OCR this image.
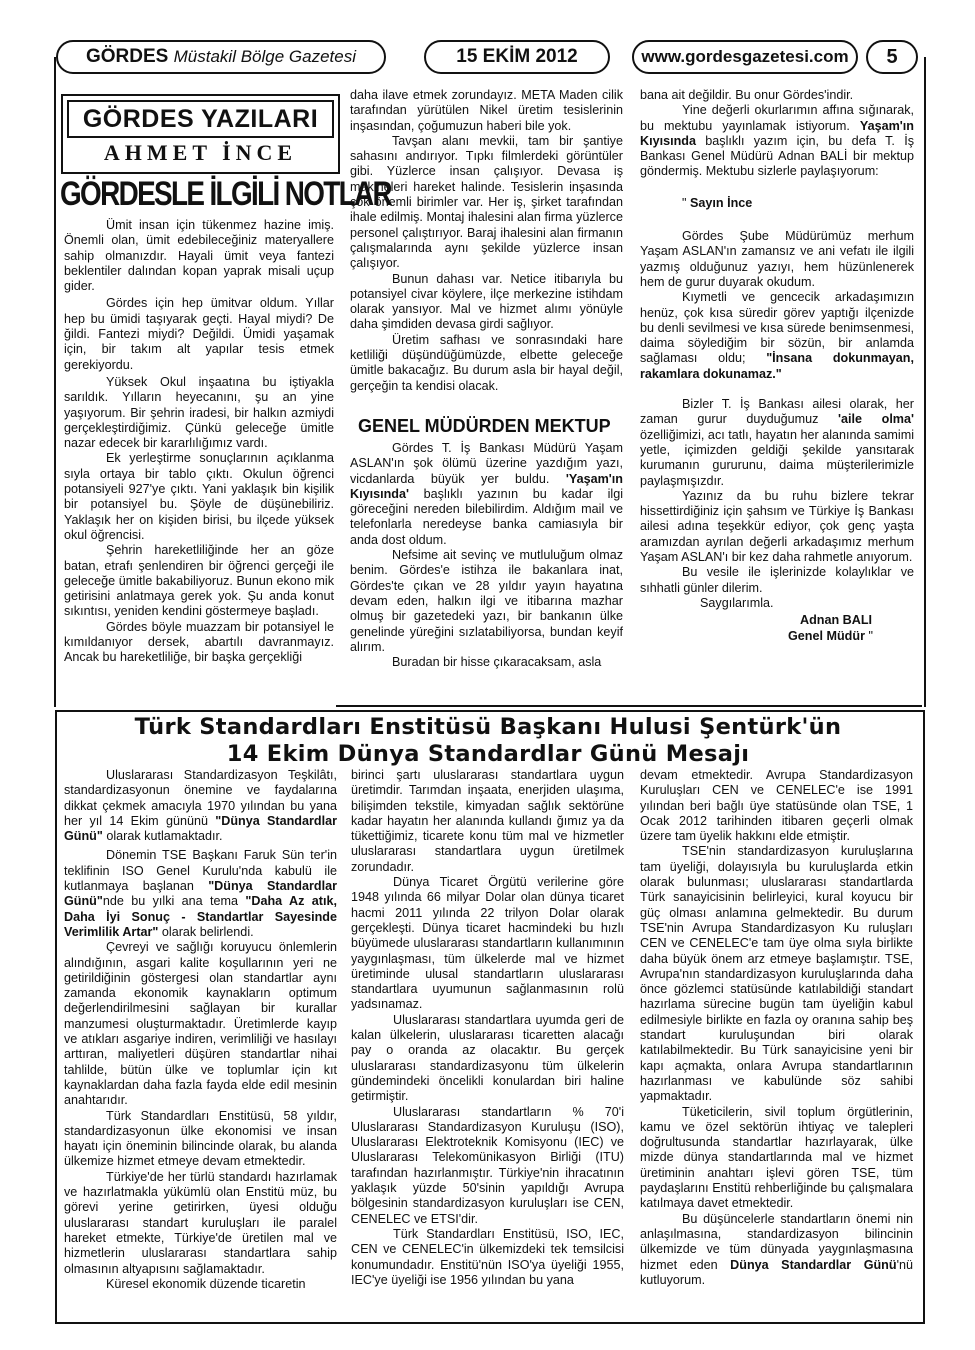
GÖRDES
Müstakil Bölge Gazetesi	15 EKİM 2012	www.gordesgazetesi.com 5
GÖRDES YAZILARI
AHMET İNCE
GÖRDESLE İLGİLİ NOTLAR

Ümit insan için tükenmez hazine imiş. Önemli olan, ümit edebileceğiniz materyallere sahip olmanızdır. Hayali ümit veya fantezi beklentiler dalından kopan yaprak misali uçup gider.

Gördes için hep ümitvar oldum. Yıllar hep bu ümidi taşıyarak geçti. Hayal miydi? De ğildi. Fantezi miydi? Değildi. Ümidi yaşamak için, bir takım alt yapılar tesis etmek gerekiyordu.

Yüksek Okul inşaatına bu iştiyakla sarıldık. Yılların heyecanını, şu an yine yaşıyorum. Bir şehrin iradesi, bir halkın azmiydi gerçekleştirdiğimiz. Çünkü geleceğe ümitle nazar edecek bir kararlılığımız vardı.

Ek yerleştirme sonuçlarının açıklanma sıyla ortaya bir tablo çıktı. Okulun öğrenci potansiyeli 927'ye çıktı. Yani yaklaşık bin kişilik bir potansiyel bu. Şöyle de düşünebiliriz. Yaklaşık her on kişiden birisi, bu ilçede yüksek okul öğrencisi.

Şehrin hareketliliğinde her an göze batan, etrafı şenlendiren bir öğrenci gerçeği ile geleceğe ümitle bakabiliyoruz. Bunun ekono mik getirisini anlatmaya gerek yok. Şu anda konut sıkıntısı, yeniden kendini göstermeye başladı.

Gördes böyle muazzam bir potansiyel le kımıldanıyor dersek, abartılı davranmayız. Ancak bu hareketliliğe, bir başka gerçekliği

daha ilave etmek zorundayız. META Maden cilik tarafından yürütülen Nikel üretim tesislerinin inşasından, çoğumuzun haberi bile yok.

Tavşan alanı mevkii, tam bir şantiye sahasını andırıyor. Tıpkı filmlerdeki görüntüler gibi. Yüzlerce insan çalışıyor. Devasa iş makineleri hareket halinde. Tesislerin inşasında çok önemli birimler var. Her iş, şirket tarafından ihale edilmiş. Montaj ihalesini alan firma yüzlerce personel çalıştırıyor. Baraj ihalesini alan firmanın çalışmalarında aynı şekilde yüzlerce insan çalışıyor.

Bunun dahası var. Netice itibarıyla bu potansiyel civar köylere, ilçe merkezine istihdam olarak yansıyor. Mal ve hizmet alımı yönüyle daha şimdiden devasa girdi sağlıyor.

Üretim safhası ve sonrasındaki hare ketliliği düşündüğümüzde, elbette geleceğe ümitle bakacağız. Bu durum asla bir hayal değil, gerçeğin ta kendisi olacak.

GENEL MÜDÜRDEN MEKTUP

Gördes T. İş Bankası Müdürü Yaşam ASLAN'ın şok ölümü üzerine yazdığım yazı, vicdanlarda büyük yer buldu. 'Yaşam'ın Kıyısında' başlıklı yazının bu kadar ilgi göreceğini nereden bilebilirdim. Aldığım mail ve telefonlarla neredeyse banka camiasıyla bir anda dost oldum.

Nefsime ait sevinç ve mutluluğum olmaz benim. Gördes'e istihza ile bakanlara inat, Gördes'te çıkan ve 28 yıldır yayın hayatına devam eden, halkın ilgi ve itibarına mazhar olmuş bir gazetedeki yazı, bir bankanın ülke genelinde yüreğini sızlatabiliyorsa, bundan keyif alırım.

Buradan bir hisse çıkaracaksam, asla

bana ait değildir. Bu onur Gördes'indir.

Yine değerli okurlarımın affına sığınarak, bu mektubu yayınlamak istiyorum. Yaşam'ın Kıyısında başlıklı yazım için, bu defa T. İş Bankası Genel Müdürü Adnan BALİ bir mektup göndermiş. Mektubu sizlerle paylaşıyorum:

" Sayın İnce

Gördes Şube Müdürümüz merhum Yaşam ASLAN'ın zamansız ve ani vefatı ile ilgili yazmış olduğunuz yazıyı, hem hüzünlenerek hem de gurur duyarak okudum.

Kıymetli ve gencecik arkadaşımızın henüz, çok kısa süredir görev yaptığı ilçenizde bu denli sevilmesi ve kısa sürede benimsenmesi, daima söylediğim bir sözün, bir anlamda sağlaması oldu; "İnsana dokunmayan, rakamlara dokunamaz."

Bizler T. İş Bankası ailesi olarak, her zaman gurur duyduğumuz 'aile olma' özelliğimizi, acı tatlı, hayatın her alanında samimi yetle, içimizden geldiği şekilde yansıtarak kurumanın gururunu, daima müşterilerimizle paylaşmışızdır.

Yazınız da bu ruhu bizlere tekrar hissettirdiğiniz için şahsım ve Türkiye İş Bankası ailesi adına teşekkür ediyor, çok genç yaşta aramızdan ayrılan değerli arkadaşımız merhum Yaşam ASLAN'ı bir kez daha rahmetle anıyorum.

Bu vesile ile işlerinizde kolaylıklar ve sıhhatli günler dilerim.

Saygılarımla.

Adnan BALI
Genel Müdür "
Türk Standardları Enstitüsü Başkanı Hulusi Şentürk'ün
14 Ekim Dünya Standardlar Günü Mesajı

Uluslararası Standardizasyon Teşkilâtı, standardizasyonun önemine ve faydalarına dikkat çekmek amacıyla 1970 yılından bu yana her yıl 14 Ekim gününü "Dünya Standardlar Günü" olarak kutlamaktadır.

Dönemin TSE Başkanı Faruk Sün ter'in teklifinin ISO Genel Kurulu'nda kabulü ile kutlanmaya başlanan "Dünya Standardlar Günü"nde bu yılki ana tema "Daha Az atık, Daha İyi Sonuç - Standartlar Sayesinde Verimlilik Artar" olarak belirlendi.

Çevreyi ve sağlığı koruyucu önlemlerin alındığının, asgari kalite koşullarının yeri ne getirildiğinin göstergesi olan standartlar aynı zamanda ekonomik kaynakların optimum değerlendirilmesini sağlayan bir kurallar manzumesi oluşturmaktadır. Üretimlerde kayıp ve atıkları asgariye indiren, verimliliği ve hasılayı arttıran, maliyetleri düşüren standartlar nihai tahlilde, bütün ülke ve toplumlar için kıt kaynaklardan daha fazla fayda elde edil mesinin anahtarıdır.

Türk Standardları Enstitüsü, 58 yıldır, standardizasyonun ülke ekonomisi ve insan hayatı için öneminin bilincinde olarak, bu alanda ülkemize hizmet etmeye devam etmektedir.

Türkiye'de her türlü standardı hazırlamak ve hazırlatmakla yükümlü olan Enstitü müz, bu görevi yerine getirirken, üyesi olduğu uluslararası standart kuruluşları ile paralel hareket etmekte, Türkiye'de üretilen mal ve hizmetlerin uluslararası standartlara sahip olmasının altyapısını sağlamaktadır.

Küresel ekonomik düzende ticaretin

birinci şartı uluslararası standartlara uygun üretimdir. Tarımdan inşaata, enerjiden ulaşıma, bilişimden tekstile, kimyadan sağlık sektörüne kadar hayatın her alanında kullandı ğımız ya da tükettiğimiz, ticarete konu tüm mal ve hizmetler uluslararası standartlara uygun üretilmek zorundadır.

Dünya Ticaret Örgütü verilerine göre 1948 yılında 66 milyar Dolar olan dünya ticaret hacmi 2011 yılında 22 trilyon Dolar olarak gerçekleşti. Dünya ticaret hacmindeki bu hızlı büyümede uluslararası standartların kullanımının yaygınlaşması, tüm ülkelerde mal ve hizmet üretiminde ulusal standartların uluslararası standartlara uyumunun sağlanmasının rolü yadsınamaz.

Uluslararası standartlara uyumda geri de kalan ülkelerin, uluslararası ticaretten alacağı pay o oranda az olacaktır. Bu gerçek uluslararası standardizasyonu tüm ülkelerin gündemindeki öncelikli konulardan biri haline getirmiştir.

Uluslararası standartların % 70'i Uluslararası Standardizasyon Kuruluşu (ISO), Uluslararası Elektroteknik Komisyonu (IEC) ve Uluslararası Telekomünikasyon Birliği (ITU) tarafından hazırlanmıştır. Türkiye'nin ihracatının yaklaşık yüzde 50'sinin yapıldığı Avrupa bölgesinin standardizasyon kuruluşları ise CEN, CENELEC ve ETSI'dir.

Türk Standardları Enstitüsü, ISO, IEC, CEN ve CENELEC'in ülkemizdeki tek temsilcisi konumundadır. Enstitü'nün ISO'ya üyeliği 1955, IEC'ye üyeliği ise 1956 yılından bu yana

devam etmektedir. Avrupa Standardizasyon Kuruluşları CEN ve CENELEC'e ise 1991 yılından beri bağlı üye statüsünde olan TSE, 1 Ocak 2012 tarihinden itibaren geçerli olmak üzere tam üyelik hakkını elde etmiştir.

TSE'nin standardizasyon kuruluşlarına tam üyeliği, dolayısıyla bu kuruluşlarda etkin olarak bulunması; uluslararası standartlarda Türk sanayicisinin belirleyici, kural koyucu bir güç olması anlamına gelmektedir. Bu durum TSE'nin Avrupa Standardizasyon Ku ruluşları CEN ve CENELEC'e tam üye olma sıyla birlikte daha büyük önem arz etmeye başlamıştır. TSE, Avrupa'nın standardizasyon kuruluşlarında daha önce gözlemci statüsünde katılabildiği standart hazırlama sürecine bugün tam üyeliğin kabul edilmesiyle birlikte en fazla oy oranına sahip beş standart kuruluşundan biri olarak katılabilmektedir. Bu Türk sanayicisine yeni bir kapı açmakta, onlara Avrupa standartlarının hazırlanması ve kabulünde söz sahibi yapmaktadır.

Tüketicilerin, sivil toplum örgütlerinin, kamu ve özel sektörün ihtiyaç ve talepleri doğrultusunda standartlar hazırlayarak, ülke mizde dünya standartlarında mal ve hizmet üretiminin anahtarı işlevi gören TSE, tüm paydaşlarını Enstitü rehberliğinde bu çalışmalara katılmaya davet etmektedir.

Bu düşüncelerle standartların önemi nin anlaşılmasına, standardizasyon bilincinin ülkemizde ve tüm dünyada yaygınlaşmasına hizmet eden Dünya Standardlar Günü'nü kutluyorum.
